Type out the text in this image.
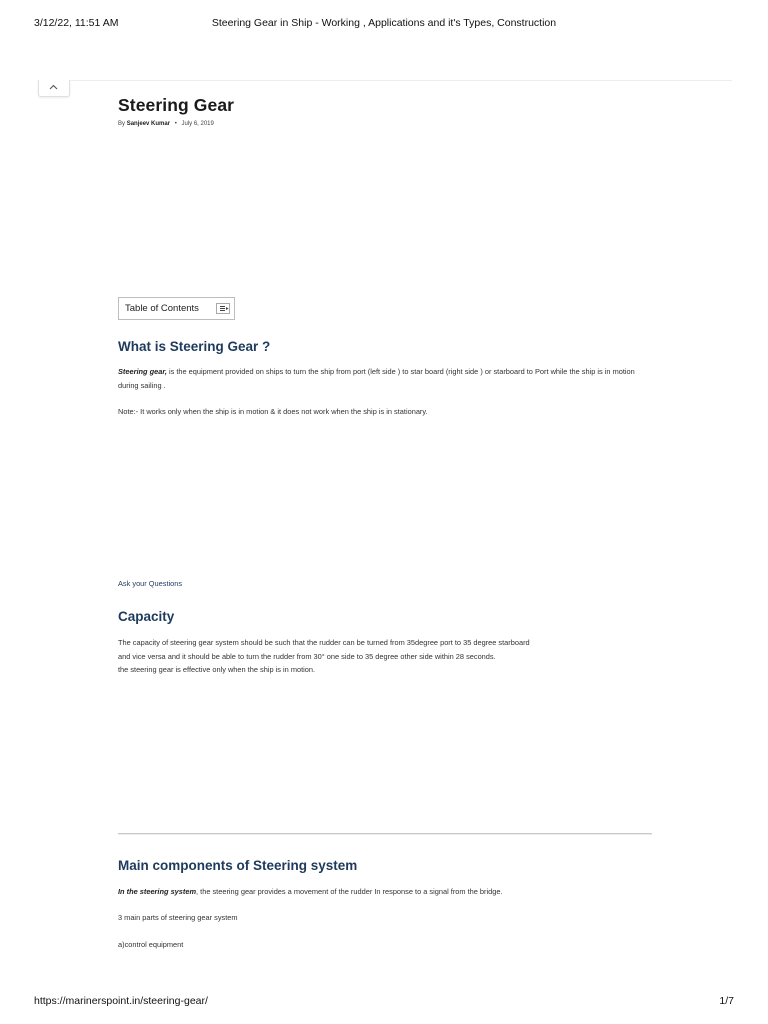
3/12/22, 11:51 AM	Steering Gear in Ship - Working , Applications and it's Types, Construction
Steering Gear
By Sanjeev Kumar • July 6, 2019
Table of Contents
What is Steering Gear ?

Steering gear, is the equipment provided on ships to turn the ship from port (left side ) to star board (right side ) or starboard to Port while the ship is in motion during sailing .

Note:- It works only when the ship is in motion & it does not work when the ship is in stationary.

Ask your Questions
Capacity

The capacity of steering gear system should be such that the rudder can be turned from 35degree port to 35 degree starboard

and vice versa and it should be able to turn the rudder from 30° one side to 35 degree other side within 28 seconds.

the steering gear is effective only when the ship is in motion.

Main components of Steering system

In the steering system, the steering gear provides a movement of the rudder In response to a signal from the bridge.

3 main parts of steering gear system

a)control equipment

https://marinerspoint.in/steering-gear/	1/7
